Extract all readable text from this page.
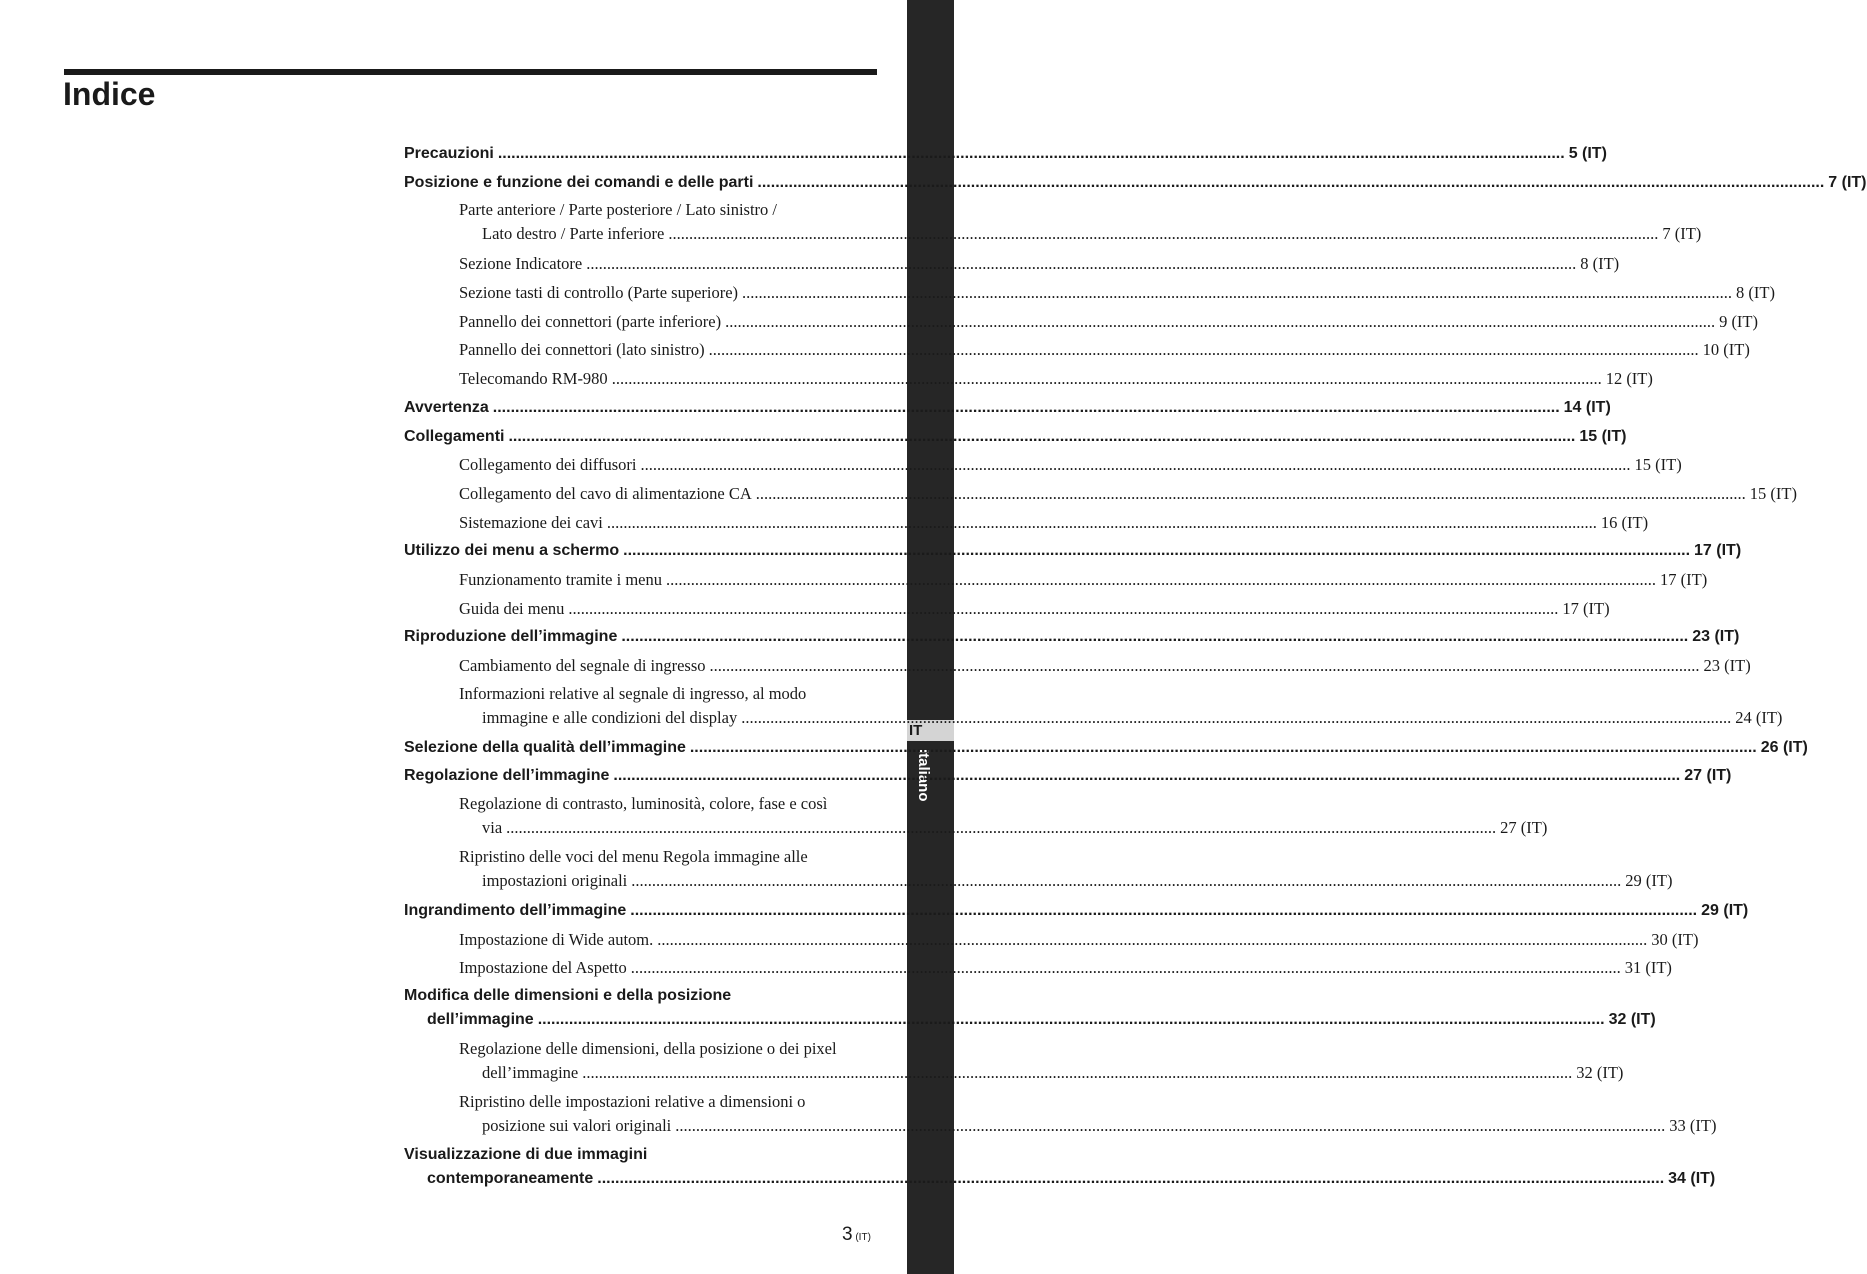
Indice
IT
Italiano
Precauzioni .....	5 (IT)
Posizione e funzione dei comandi e delle parti .....	7 (IT)
Parte anteriore / Parte posteriore / Lato sinistro /
Lato destro / Parte inferiore .....	7 (IT)
Sezione Indicatore .....	8 (IT)
Sezione tasti di controllo (Parte superiore) .....	8 (IT)
Pannello dei connettori (parte inferiore) .....	9 (IT)
Pannello dei connettori (lato sinistro) .....	10 (IT)
Telecomando RM-980 .....	12 (IT)
Avvertenza .....	14 (IT)
Collegamenti .....	15 (IT)
Collegamento dei diffusori .....	15 (IT)
Collegamento del cavo di alimentazione CA .....	15 (IT)
Sistemazione dei cavi .....	16 (IT)
Utilizzo dei menu a schermo .....	17 (IT)
Funzionamento tramite i menu .....	17 (IT)
Guida dei menu .....	17 (IT)
Riproduzione dell’immagine .....	23 (IT)
Cambiamento del segnale di ingresso .....	23 (IT)
Informazioni relative al segnale di ingresso, al modo
immagine e alle condizioni del display .....	24 (IT)
Selezione della qualità dell’immagine .....	26 (IT)
Regolazione dell’immagine .....	27 (IT)
Regolazione di contrasto, luminosità, colore, fase e così
via .....	27 (IT)
Ripristino delle voci del menu Regola immagine alle
impostazioni originali .....	29 (IT)
Ingrandimento dell’immagine .....	29 (IT)
Impostazione di Wide autom. .....	30 (IT)
Impostazione del Aspetto .....	31 (IT)
Modifica delle dimensioni e della posizione
dell’immagine .....	32 (IT)
Regolazione delle dimensioni, della posizione o dei pixel
dell’immagine .....	32 (IT)
Ripristino delle impostazioni relative a dimensioni o
posizione sui valori originali .....	33 (IT)
Visualizzazione di due immagini
contemporaneamente .....	34 (IT)
3 (IT)
